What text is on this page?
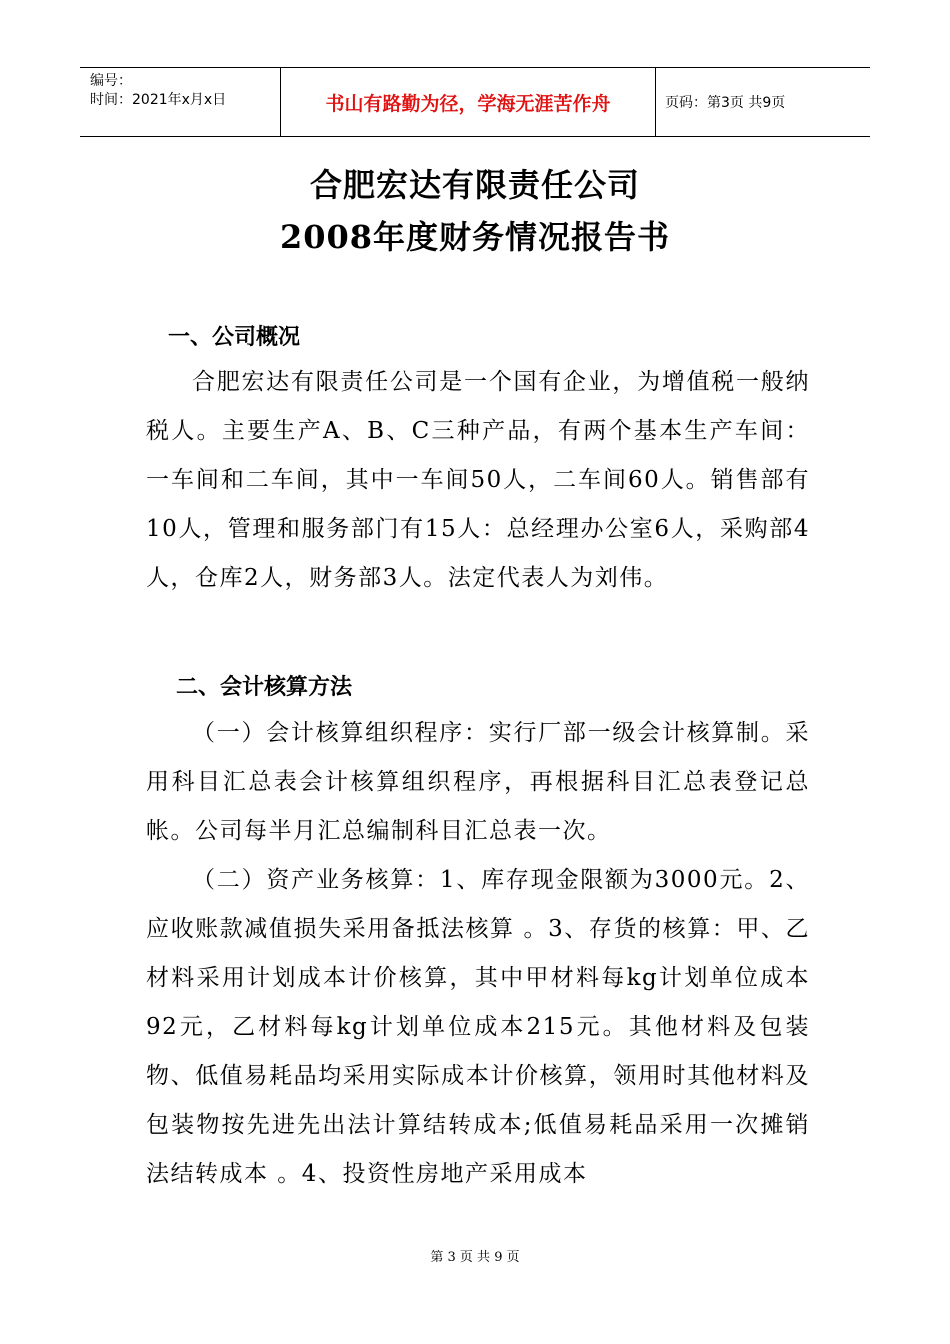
编号：
时间：2021年x月x日	书山有路勤为径，学海无涯苦作舟	页码：第3页 共9页
合肥宏达有限责任公司
2008年度财务情况报告书
一、公司概况

合肥宏达有限责任公司是一个国有企业，为增值税一般纳税人。主要生产A、B、C三种产品，有两个基本生产车间：一车间和二车间，其中一车间50人，二车间60人。销售部有10人，管理和服务部门有15人：总经理办公室6人，采购部4人，仓库2人，财务部3人。法定代表人为刘伟。

二、会计核算方法

（一）会计核算组织程序：实行厂部一级会计核算制。采用科目汇总表会计核算组织程序，再根据科目汇总表登记总帐。公司每半月汇总编制科目汇总表一次。

（二）资产业务核算：1、库存现金限额为3000元。2、应收账款减值损失采用备抵法核算 。3、存货的核算：甲、乙材料采用计划成本计价核算，其中甲材料每kg计划单位成本92元，乙材料每kg计划单位成本215元。其他材料及包装物、低值易耗品均采用实际成本计价核算，领用时其他材料及包装物按先进先出法计算结转成本;低值易耗品采用一次摊销法结转成本 。4、投资性房地产采用成本

第 3 页 共 9 页
